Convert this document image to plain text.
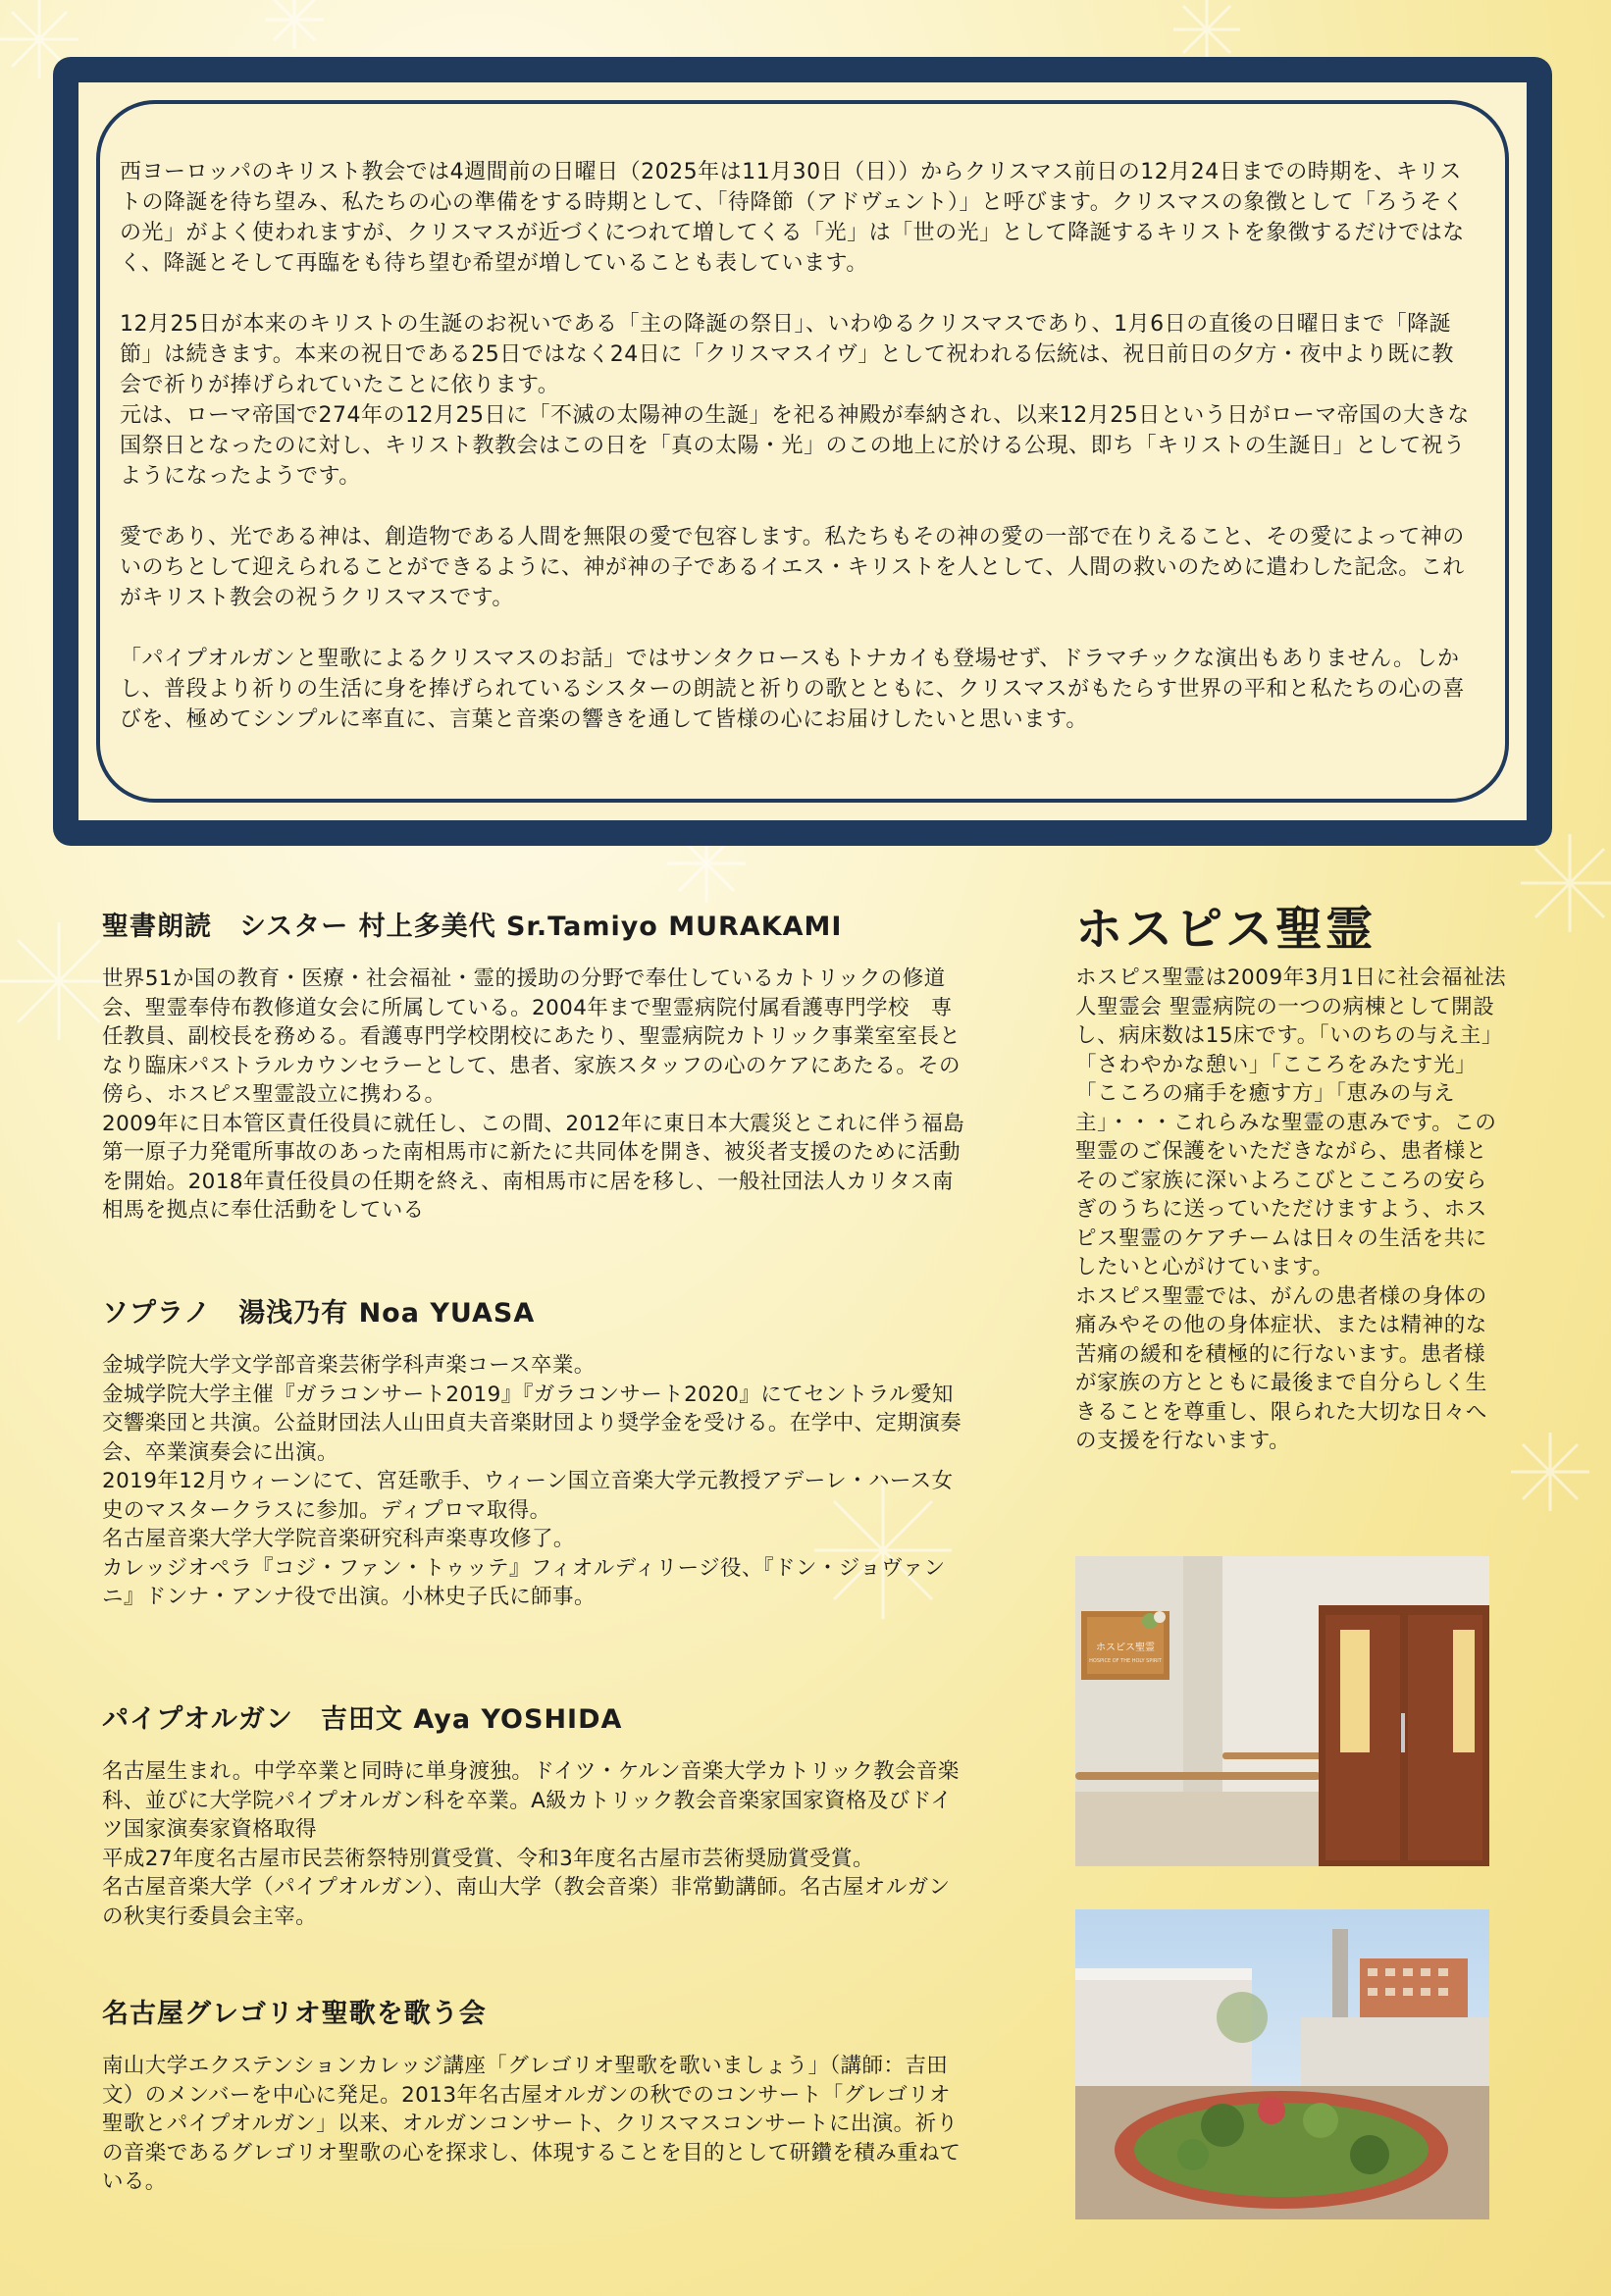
西ヨーロッパのキリスト教会では4週間前の日曜日（2025年は11月30日（日））からクリスマス前日の12月24日までの時期を、キリストの降誕を待ち望み、私たちの心の準備をする時期として、「待降節（アドヴェント）」と呼びます。クリスマスの象徴として「ろうそくの光」がよく使われますが、クリスマスが近づくにつれて増してくる「光」は「世の光」として降誕するキリストを象徴するだけではなく、降誕とそして再臨をも待ち望む希望が増していることも表しています。

12月25日が本来のキリストの生誕のお祝いである「主の降誕の祭日」、いわゆるクリスマスであり、1月6日の直後の日曜日まで「降誕節」は続きます。本来の祝日である25日ではなく24日に「クリスマスイヴ」として祝われる伝統は、祝日前日の夕方・夜中より既に教会で祈りが捧げられていたことに依ります。

元は、ローマ帝国で274年の12月25日に「不滅の太陽神の生誕」を祀る神殿が奉納され、以来12月25日という日がローマ帝国の大きな国祭日となったのに対し、キリスト教教会はこの日を「真の太陽・光」のこの地上に於ける公現、即ち「キリストの生誕日」として祝うようになったようです。

愛であり、光である神は、創造物である人間を無限の愛で包容します。私たちもその神の愛の一部で在りえること、その愛によって神のいのちとして迎えられることができるように、神が神の子であるイエス・キリストを人として、人間の救いのために遣わした記念。これがキリスト教会の祝うクリスマスです。

「パイプオルガンと聖歌によるクリスマスのお話」ではサンタクロースもトナカイも登場せず、ドラマチックな演出もありません。しかし、普段より祈りの生活に身を捧げられているシスターの朗読と祈りの歌とともに、クリスマスがもたらす世界の平和と私たちの心の喜びを、極めてシンプルに率直に、言葉と音楽の響きを通して皆様の心にお届けしたいと思います。

聖書朗読　シスター 村上多美代 Sr.Tamiyo MURAKAMI
世界51か国の教育・医療・社会福祉・霊的援助の分野で奉仕しているカトリックの修道会、聖霊奉侍布教修道女会に所属している。2004年まで聖霊病院付属看護専門学校　専任教員、副校長を務める。看護専門学校閉校にあたり、聖霊病院カトリック事業室室長となり臨床パストラルカウンセラーとして、患者、家族スタッフの心のケアにあたる。その傍ら、ホスピス聖霊設立に携わる。
2009年に日本管区責任役員に就任し、この間、2012年に東日本大震災とこれに伴う福島第一原子力発電所事故のあった南相馬市に新たに共同体を開き、被災者支援のために活動を開始。2018年責任役員の任期を終え、南相馬市に居を移し、一般社団法人カリタス南相馬を拠点に奉仕活動をしている
ソプラノ　湯浅乃有 Noa YUASA
金城学院大学文学部音楽芸術学科声楽コース卒業。
金城学院大学主催『ガラコンサート2019』『ガラコンサート2020』にてセントラル愛知交響楽団と共演。公益財団法人山田貞夫音楽財団より奨学金を受ける。在学中、定期演奏会、卒業演奏会に出演。
2019年12月ウィーンにて、宮廷歌手、ウィーン国立音楽大学元教授アデーレ・ハース女史のマスタークラスに参加。ディプロマ取得。
名古屋音楽大学大学院音楽研究科声楽専攻修了。
カレッジオペラ『コジ・ファン・トゥッテ』フィオルディリージ役、『ドン・ジョヴァンニ』ドンナ・アンナ役で出演。小林史子氏に師事。
パイプオルガン　吉田文 Aya YOSHIDA
名古屋生まれ。中学卒業と同時に単身渡独。ドイツ・ケルン音楽大学カトリック教会音楽科、並びに大学院パイプオルガン科を卒業。A級カトリック教会音楽家国家資格及びドイツ国家演奏家資格取得
平成27年度名古屋市民芸術祭特別賞受賞、令和3年度名古屋市芸術奨励賞受賞。
名古屋音楽大学（パイプオルガン）、南山大学（教会音楽）非常勤講師。名古屋オルガンの秋実行委員会主宰。
名古屋グレゴリオ聖歌を歌う会
南山大学エクステンションカレッジ講座「グレゴリオ聖歌を歌いましょう」（講師：吉田文）のメンバーを中心に発足。2013年名古屋オルガンの秋でのコンサート「グレゴリオ聖歌とパイプオルガン」以来、オルガンコンサート、クリスマスコンサートに出演。祈りの音楽であるグレゴリオ聖歌の心を探求し、体現することを目的として研鑽を積み重ねている。
ホスピス聖霊
ホスピス聖霊は2009年3月1日に社会福祉法人聖霊会 聖霊病院の一つの病棟として開設し、病床数は15床です。「いのちの与え主」「さわやかな憩い」「こころをみたす光」「こころの痛手を癒す方」「恵みの与え主」・・・これらみな聖霊の恵みです。この聖霊のご保護をいただきながら、患者様とそのご家族に深いよろこびとこころの安らぎのうちに送っていただけますよう、ホスピス聖霊のケアチームは日々の生活を共にしたいと心がけています。
ホスピス聖霊では、がんの患者様の身体の痛みやその他の身体症状、または精神的な苦痛の緩和を積極的に行ないます。患者様が家族の方とともに最後まで自分らしく生きることを尊重し、限られた大切な日々への支援を行ないます。
ホスピス聖霊
HOSPICE OF THE HOLY SPIRIT
